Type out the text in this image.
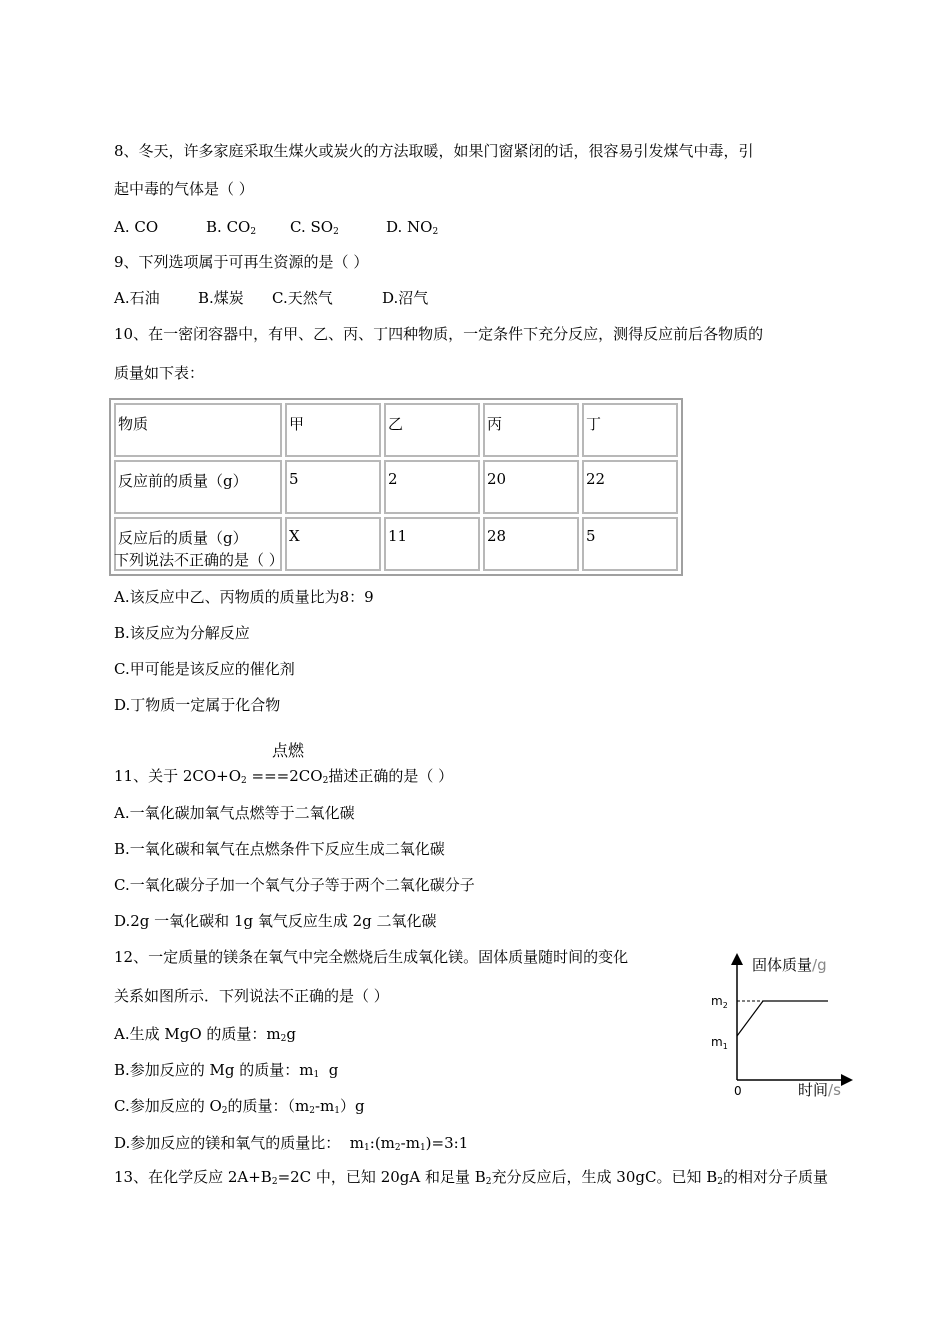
8、冬天，许多家庭采取生煤火或炭火的方法取暖，如果门窗紧闭的话，很容易引发煤气中毒，引
起中毒的气体是（ ）
A. CO	B. $CO_2$ C. $SO_2$	D. $NO_2$
9、下列选项属于可再生资源的是（ ）
A.石油	B.煤炭 C.天然气	D.沼气
10、在一密闭容器中，有甲、乙、丙、丁四种物质，一定条件下充分反应，测得反应前后各物质的
质量如下表：
物质	甲	乙	丙	丁
反应前的质量（g）	5	2	20	22
反应后的质量（g）	X	11	28	5
下列说法不正确的是（ ）
A.该反应中乙、丙物质的质量比为8：9
B.该反应为分解反应
C.甲可能是该反应的催化剂
D.丁物质一定属于化合物
点燃
11、关于 $2CO+O_2 ===2CO_2$描述正确的是（ ）
A.一氧化碳加氧气点燃等于二氧化碳
B.一氧化碳和氧气在点燃条件下反应生成二氧化碳
C.一氧化碳分子加一个氧气分子等于两个二氧化碳分子
D.2g 一氧化碳和 1g 氧气反应生成 2g 二氧化碳
12、一定质量的镁条在氧气中完全燃烧后生成氧化镁。固体质量随时间的变化
关系如图所示．下列说法不正确的是（ ）
A.生成 MgO 的质量：$m_2g$
B.参加反应的 Mg 的质量：$m_1$  g
C.参加反应的 $O_2$的质量：$(m_2-m_1)g$
D.参加反应的镁和氧气的质量比：  $m_1:(m_2-m_1)=3:1$
固体质量/g
$m_2$
$m_1$
0	时间/s
13、在化学反应 $2A+B_2=2C$ 中，已知 20gA 和足量 $B_2$充分反应后，生成 30gC。已知 $B_2$的相对分子质量
